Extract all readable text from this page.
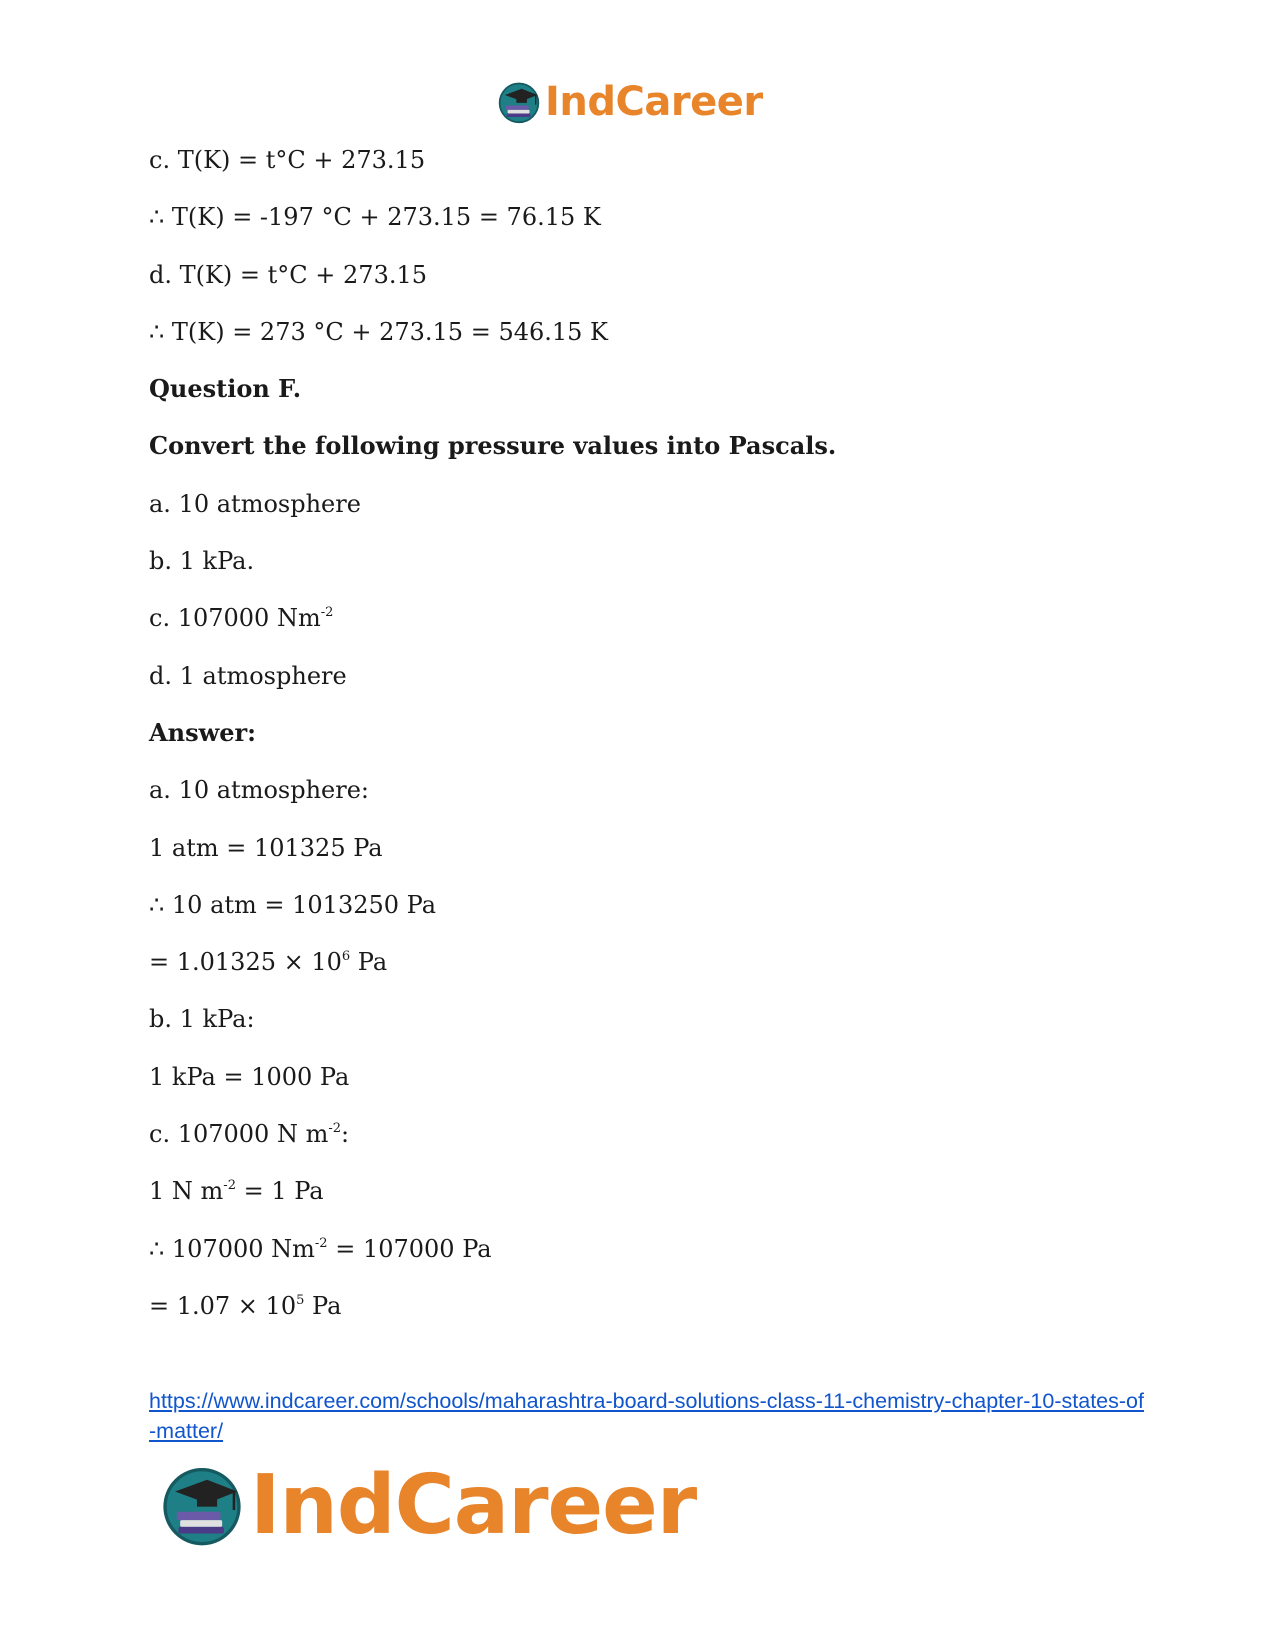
IndCareer
c. T(K) = t°C + 273.15
∴ T(K) = -197 °C + 273.15 = 76.15 K
d. T(K) = t°C + 273.15
∴ T(K) = 273 °C + 273.15 = 546.15 K
Question F.
Convert the following pressure values into Pascals.
a. 10 atmosphere
b. 1 kPa.
c. 107000 $Nm^{-2}$
d. 1 atmosphere
Answer:
a. 10 atmosphere:
1 atm = 101325 Pa
∴ 10 atm = 1013250 Pa
= $1.01325 \times 10^6$ Pa
b. 1 kPa:
1 kPa = 1000 Pa
c. 107000 N $m^{-2}$:
1 N $m^{-2} = 1$ Pa
∴ 107000 $Nm^{-2} = 107000$ Pa
= $1.07 \times 10^5$ Pa
https://www.indcareer.com/schools/maharashtra-board-solutions-class-11-chemistry-chapter-10-states-of-matter/
IndCareer
